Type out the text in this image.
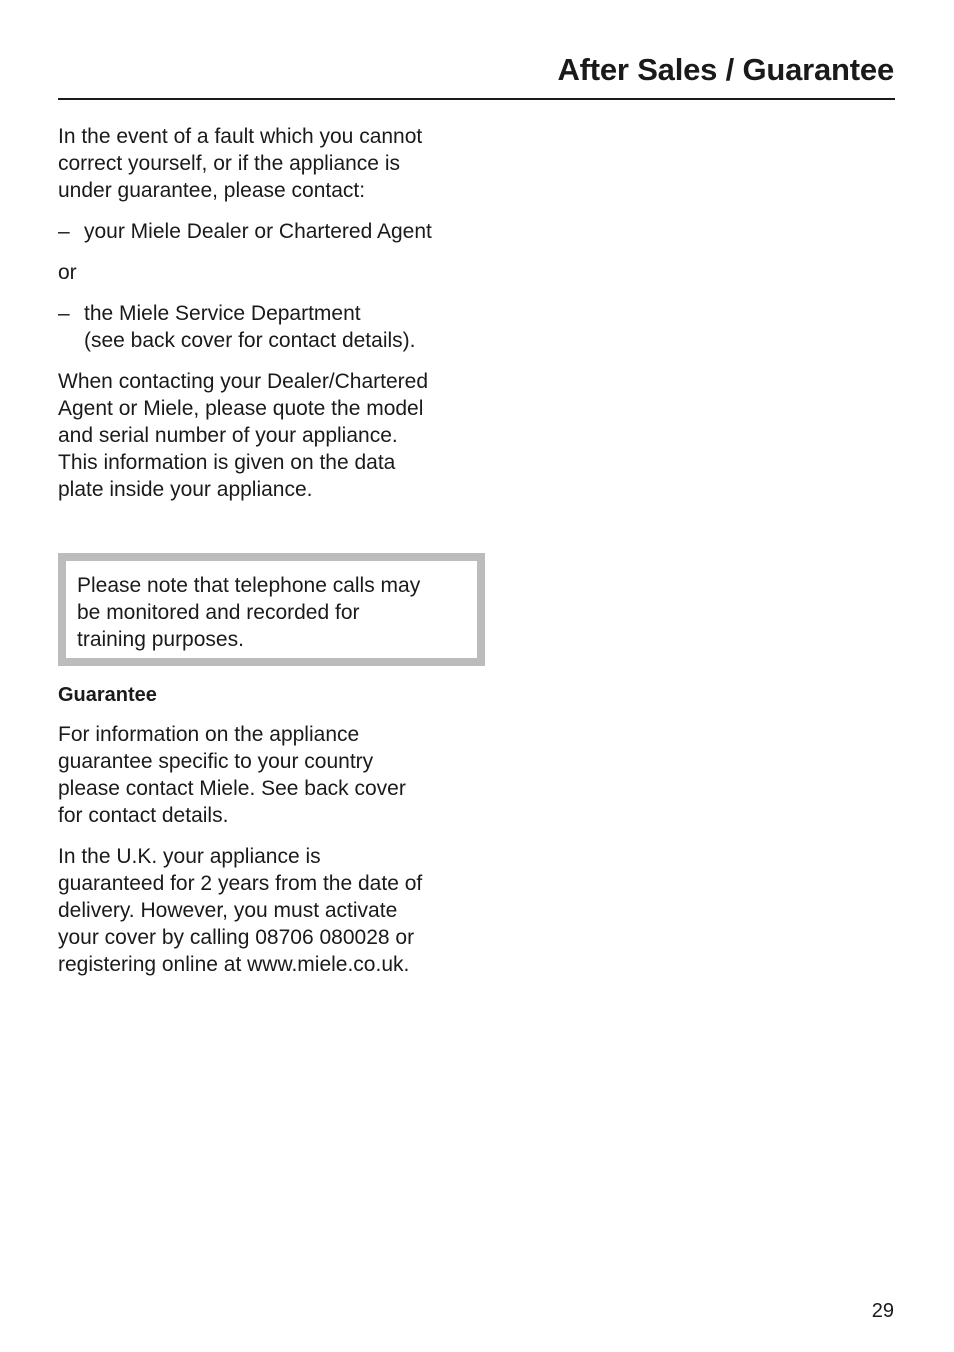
After Sales / Guarantee

In the event of a fault which you cannot
correct yourself, or if the appliance is
under guarantee, please contact:

– your Miele Dealer or Chartered Agent

or

– the Miele Service Department
(see back cover for contact details).

When contacting your Dealer/Chartered
Agent or Miele, please quote the model
and serial number of your appliance.
This information is given on the data
plate inside your appliance.

Please note that telephone calls may
be monitored and recorded for
training purposes.

Guarantee

For information on the appliance
guarantee specific to your country
please contact Miele. See back cover
for contact details.

In the U.K. your appliance is
guaranteed for 2 years from the date of
delivery. However, you must activate
your cover by calling 08706 080028 or
registering online at www.miele.co.uk.

29
